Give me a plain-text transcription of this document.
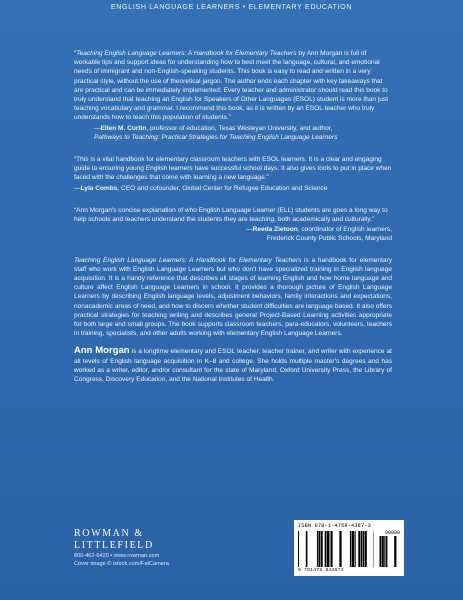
ENGLISH LANGUAGE LEARNERS • ELEMENTARY EDUCATION
“Teaching English Language Learners: A Handbook for Elementary Teachers by Ann Morgan is full of workable tips and support ideas for understanding how to best meet the language, cultural, and emotional needs of immigrant and non-English-speaking students. This book is easy to read and written in a very practical style, without the use of theoretical jargon. The author ends each chapter with key takeaways that are practical and can be immediately implemented. Every teacher and administrator should read this book to truly understand that teaching an English for Speakers of Other Languages (ESOL) student is more than just teaching vocabulary and grammar. I recommend this book, as it is written by an ESOL teacher who truly understands how to teach this population of students.”
—Ellen M. Curtin, professor of education, Texas Wesleyan University, and author,
Pathways to Teaching: Practical Strategies for Teaching English Language Learners
“This is a vital handbook for elementary classroom teachers with ESOL learners. It is a clear and engaging guide to ensuring young English learners have successful school days. It also gives tools to put in place when faced with the challenges that come with learning a new language.”
—Lyla Combs, CEO and cofounder, Global Center for Refugee Education and Science
“Ann Morgan’s concise explanation of who English Language Learner (ELL) students are goes a long way to help schools and teachers understand the students they are teaching, both academically and culturally.”
—Reeda Zietoon, coordinator of English learners,
Frederick County Public Schools, Maryland
Teaching English Language Learners: A Handbook for Elementary Teachers is a handbook for elementary staff who work with English Language Learners but who don’t have specialized training in English language acquisition. It is a handy reference that describes all stages of learning English and how home language and culture affect English Language Learners in school. It provides a thorough picture of English Language Learners by describing English language levels, adjustment behaviors, family interactions and expectations, nonacademic areas of need, and how to discern whether student difficulties are language based. It also offers practical strategies for teaching writing and describes general Project-Based Learning activities appropriate for both large and small groups. The book supports classroom teachers, para-educators, volunteers, teachers in training, specialists, and other adults working with elementary English Language Learners.
Ann Morgan is a longtime elementary and ESOL teacher, teacher trainer, and writer with experience at all levels of English language acquisition in K–8 and college. She holds multiple master’s degrees and has worked as a writer, editor, and/or consultant for the state of Maryland, Oxford University Press, the Library of Congress, Discovery Education, and the National Institutes of Health.
ROWMAN &
LITTLEFIELD
800-462-6420 • www.rowman.com
Cover image © istock.com/FatCamera
ISBN 978-1-4758-4387-3
90000
9 781475 843873
